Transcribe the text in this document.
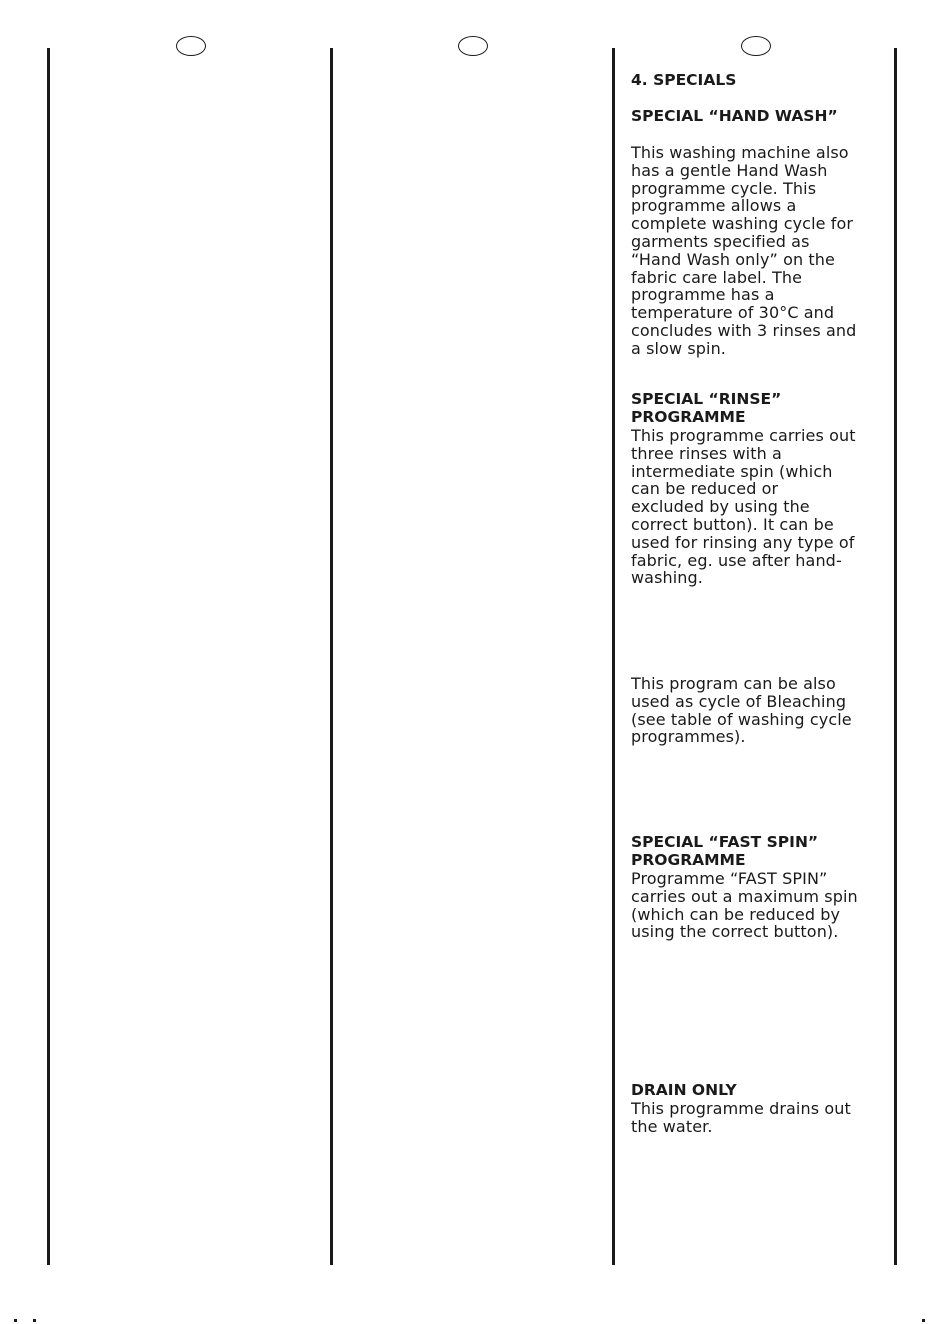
4. SPECIALS

SPECIAL “HAND WASH”

This washing machine also
has a gentle Hand Wash
programme cycle. This
programme allows a
complete washing cycle for
garments specified as
“Hand Wash only” on the
fabric care label. The
programme has a
temperature of 30°C and
concludes with 3 rinses and
a slow spin.

SPECIAL “RINSE”
PROGRAMME

This programme carries out
three rinses with a
intermediate spin (which
can be reduced or
excluded by using the
correct button). It can be
used for rinsing any type of
fabric, eg. use after hand-
washing.

This program can be also
used as cycle of Bleaching
(see table of washing cycle
programmes).

SPECIAL “FAST SPIN”
PROGRAMME

Programme “FAST SPIN”
carries out a maximum spin
(which can be reduced by
using the correct button).

DRAIN ONLY

This programme drains out
the water.
